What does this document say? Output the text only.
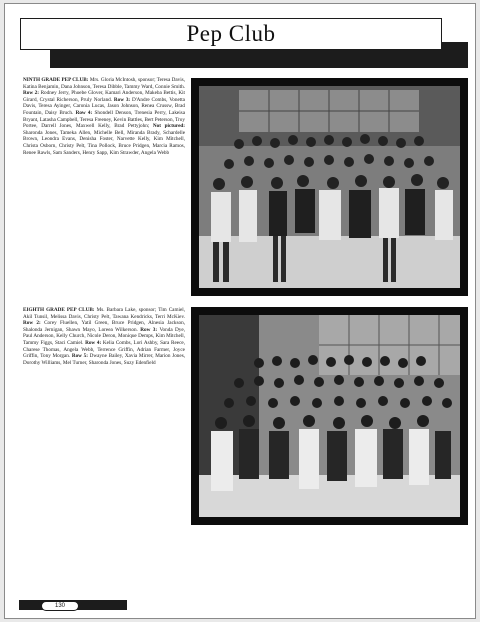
Pep Club
NINTH GRADE PEP CLUB: Mrs. Gloria McIntosh, sponsor; Teresa Davis, Katina Benjamin, Dana Johnson, Teresa Dibble, Tammy Ward, Connie Smith. Row 2: Rodney Jerry, Phoebe Glover, Kamari Anderson, Makeba Bettis, Kit Girard, Crystal Richerson, Pruly Norland. Row 3: D'Andre Combs, Vonetta Davis, Teresa Ayinger, Caronia Lucas, Jason Johnson, Renea Crussw, Brad Fountain, Daisy Bruch. Row 4: Shondell Denson, Trenesia Perry, Lakeisa Bryant, Latasha Campbell, Teresa Freeney, Kevin Battles, Bert Peterson, Troy Portee, Darrell Jones, Maxwell Kelly, Brad Pettyjohn; Not pictured: Sharonda Jones, Tameka Allen, Michelle Bell, Miranda Brady, Schardelle Brown, Leondra Evans, Denisha Foster, Narvette Kelly, Kim Mitchell, Christa Osborn, Christy Pelt, Tina Pollock, Bruce Pridgen, Marcia Ramos, Renee Rawls, Sam Sanders, Henry Sapp, Kim Strawder, Angela Webb
EIGHTH GRADE PEP CLUB: Ms. Barbara Lake, sponsor; Tim Camiel, Akil Tunsil, Melissa Davis, Christy Pelt, Tawana Kendricks, Terri McKiev. Row 2: Corey Fluellen, Yatil Green, Bruce Pridgen, Alnesia Jackson, Shalonda Jernigan, Shawn Mayo, Loreea Wilkerson. Row 3: Vonda Dye, Paul Anderson, Kelly Church, Nicole Deron, Monique Demps, Kim Mitchell, Tammy Figgs, Staci Camiel. Row 4: Kelia Combs, Lori Ashby, Sara Reece, Charese Thomas, Angela Webb, Terrence Griffin, Adrian Farmer, Joyce Griffin, Tony Morgan. Row 5: Dwayne Bailey, Xavia Mirrer, Marion Jones, Dorothy Williams, Mel Turner, Sharonda Jones, Suzy Edenfield
130
